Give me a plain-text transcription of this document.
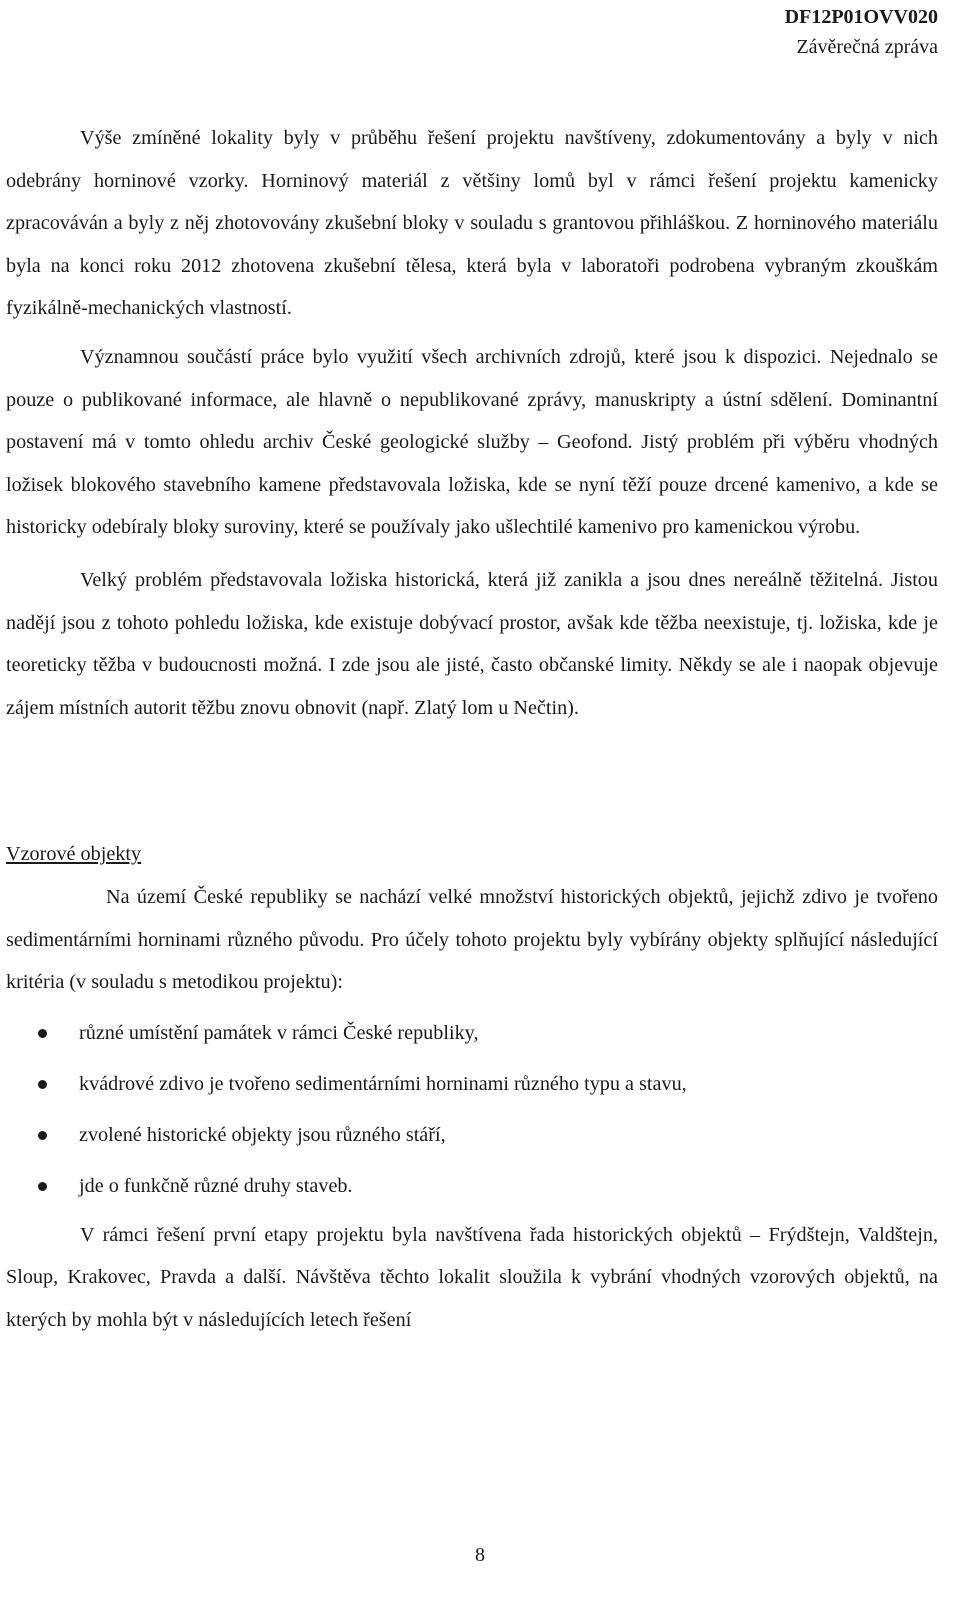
DF12P01OVV020
Závěrečná zpráva

Výše zmíněné lokality byly v průběhu řešení projektu navštíveny, zdokumentovány a byly v nich odebrány horninové vzorky. Horninový materiál z většiny lomů byl v rámci řešení projektu kamenicky zpracováván a byly z něj zhotovovány zkušební bloky v souladu s grantovou přihláškou. Z horninového materiálu byla na konci roku 2012 zhotovena zkušební tělesa, která byla v laboratoři podrobena vybraným zkouškám fyzikálně-mechanických vlastností.

Významnou součástí práce bylo využití všech archivních zdrojů, které jsou k dispozici. Nejednalo se pouze o publikované informace, ale hlavně o nepublikované zprávy, manuskripty a ústní sdělení. Dominantní postavení má v tomto ohledu archiv České geologické služby – Geofond. Jistý problém při výběru vhodných ložisek blokového stavebního kamene představovala ložiska, kde se nyní těží pouze drcené kamenivo, a kde se historicky odebíraly bloky suroviny, které se používaly jako ušlechtilé kamenivo pro kamenickou výrobu.

Velký problém představovala ložiska historická, která již zanikla a jsou dnes nereálně těžitelná. Jistou nadějí jsou z tohoto pohledu ložiska, kde existuje dobývací prostor, avšak kde těžba neexistuje, tj. ložiska, kde je teoreticky těžba v budoucnosti možná. I zde jsou ale jisté, často občanské limity. Někdy se ale i naopak objevuje zájem místních autorit těžbu znovu obnovit (např. Zlatý lom u Nečtin).

Vzorové objekty

Na území České republiky se nachází velké množství historických objektů, jejichž zdivo je tvořeno sedimentárními horninami různého původu. Pro účely tohoto projektu byly vybírány objekty splňující následující kritéria (v souladu s metodikou projektu):

různé umístění památek v rámci České republiky,
kvádrové zdivo je tvořeno sedimentárními horninami různého typu a stavu,
zvolené historické objekty jsou různého stáří,
jde o funkčně různé druhy staveb.

V rámci řešení první etapy projektu byla navštívena řada historických objektů – Frýdštejn, Valdštejn, Sloup, Krakovec, Pravda a další. Návštěva těchto lokalit sloužila k vybrání vhodných vzorových objektů, na kterých by mohla být v následujících letech řešení

8
